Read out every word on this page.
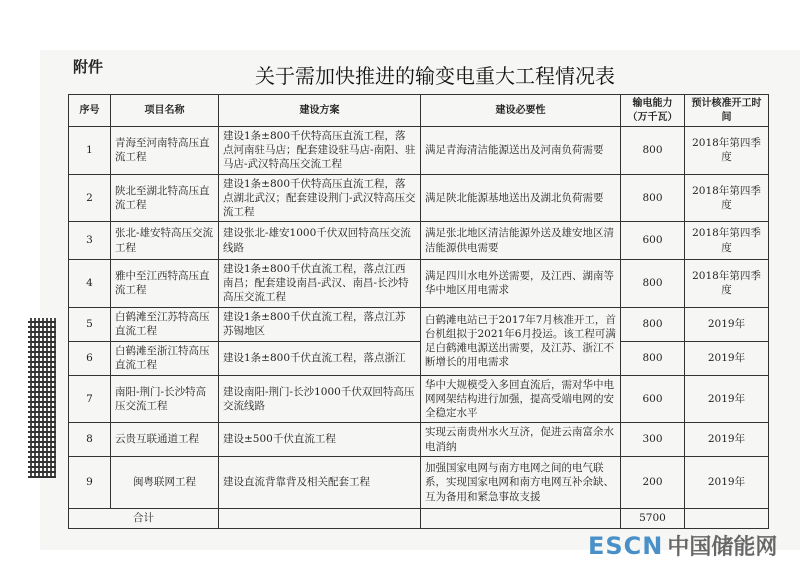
附件	关于需加快推进的输变电重大工程情况表
序号	项目名称	建设方案	建设必要性	输电能力（万千瓦）	预计核准开工时间
1	青海至河南特高压直流工程	建设1条±800千伏特高压直流工程，落点河南驻马店；配套建设驻马店-南阳、驻马店-武汉特高压交流工程	满足青海清洁能源送出及河南负荷需要	800	2018年第四季度
2	陕北至湖北特高压直流工程	建设1条±800千伏特高压直流工程，落点湖北武汉；配套建设荆门-武汉特高压交流工程	满足陕北能源基地送出及湖北负荷需要	800	2018年第四季度
3	张北-雄安特高压交流工程	建设张北-雄安1000千伏双回特高压交流线路	满足张北地区清洁能源外送及雄安地区清洁能源供电需要	600	2018年第四季度
4	雅中至江西特高压直流工程	建设1条±800千伏直流工程，落点江西南昌；配套建设南昌-武汉、南昌-长沙特高压交流工程	满足四川水电外送需要，及江西、湖南等华中地区用电需求	800	2018年第四季度
5	白鹤滩至江苏特高压直流工程	建设1条±800千伏直流工程，落点江苏苏锡地区	白鹤滩电站已于2017年7月核准开工，首台机组拟于2021年6月投运。该工程可满足白鹤滩电源送出需要，及江苏、浙江不断增长的用电需求	800	2019年
6	白鹤滩至浙江特高压直流工程	建设1条±800千伏直流工程，落点浙江		800	2019年
7	南阳-荆门-长沙特高压交流工程	建设南阳-荆门-长沙1000千伏双回特高压交流线路	华中大规模受入多回直流后，需对华中电网网架结构进行加强，提高受端电网的安全稳定水平	600	2019年
8	云贵互联通道工程	建设±500千伏直流工程	实现云南贵州水火互济，促进云南富余水电消纳	300	2019年
9	闽粤联网工程	建设直流背靠背及相关配套工程	加强国家电网与南方电网之间的电气联系，实现国家电网和南方电网互补余缺、互为备用和紧急事故支援	200	2019年
合计				5700	
ESCN 中国储能网
